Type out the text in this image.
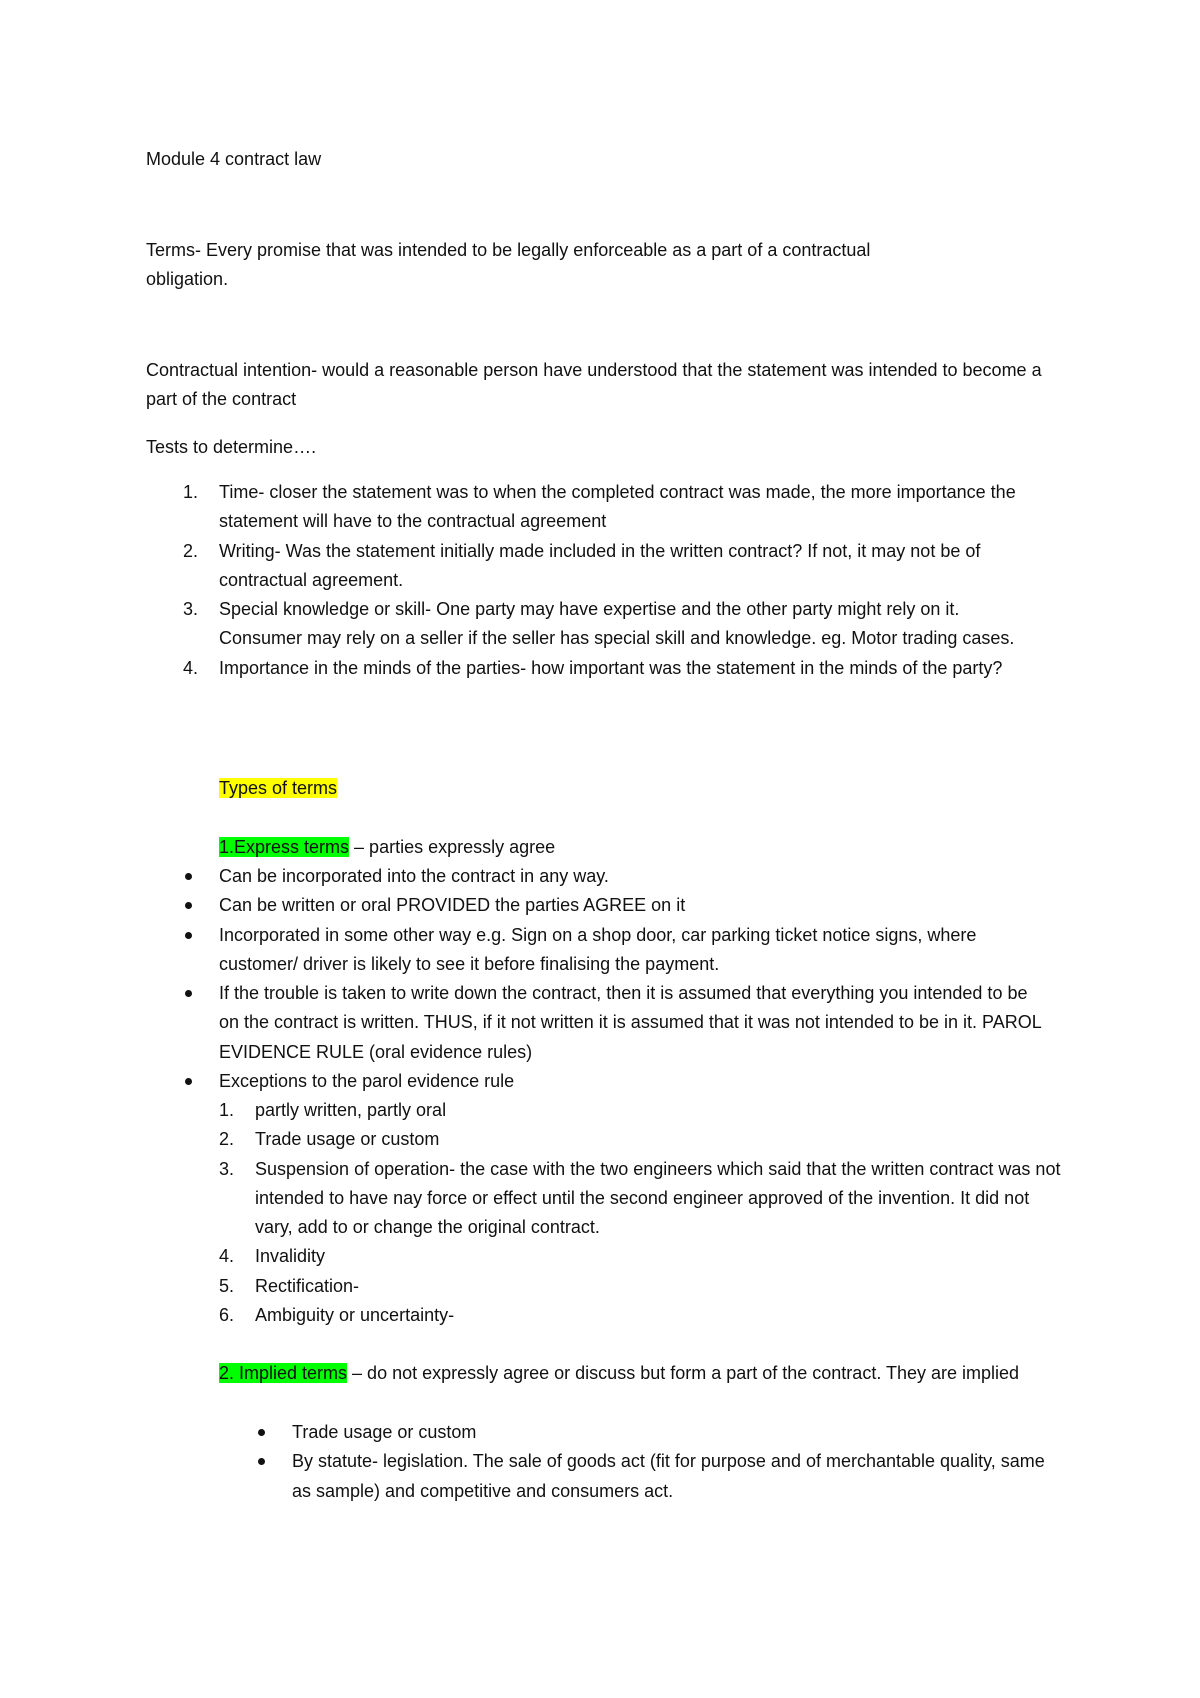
Module 4 contract law

Terms- Every promise that was intended to be legally enforceable as a part of a contractual obligation.

Contractual intention- would a reasonable person have understood that the statement was intended to become a part of the contract

Tests to determine….

1. Time- closer the statement was to when the completed contract was made, the more importance the statement will have to the contractual agreement
2. Writing- Was the statement initially made included in the written contract? If not, it may not be of contractual agreement.
3. Special knowledge or skill- One party may have expertise and the other party might rely on it. Consumer may rely on a seller if the seller has special skill and knowledge. eg. Motor trading cases.
4. Importance in the minds of the parties- how important was the statement in the minds of the party?

Types of terms

1.Express terms – parties expressly agree

Can be incorporated into the contract in any way.
Can be written or oral PROVIDED the parties AGREE on it
Incorporated in some other way e.g. Sign on a shop door, car parking ticket notice signs, where customer/ driver is likely to see it before finalising the payment.
If the trouble is taken to write down the contract, then it is assumed that everything you intended to be on the contract is written. THUS, if it not written it is assumed that it was not intended to be in it. PAROL EVIDENCE RULE (oral evidence rules)
Exceptions to the parol evidence rule
1. partly written, partly oral
2. Trade usage or custom
3. Suspension of operation- the case with the two engineers which said that the written contract was not intended to have nay force or effect until the second engineer approved of the invention. It did not vary, add to or change the original contract.
4. Invalidity
5. Rectification-
6. Ambiguity or uncertainty-

2. Implied terms – do not expressly agree or discuss but form a part of the contract. They are implied

Trade usage or custom
By statute- legislation. The sale of goods act (fit for purpose and of merchantable quality, same as sample) and competitive and consumers act.
